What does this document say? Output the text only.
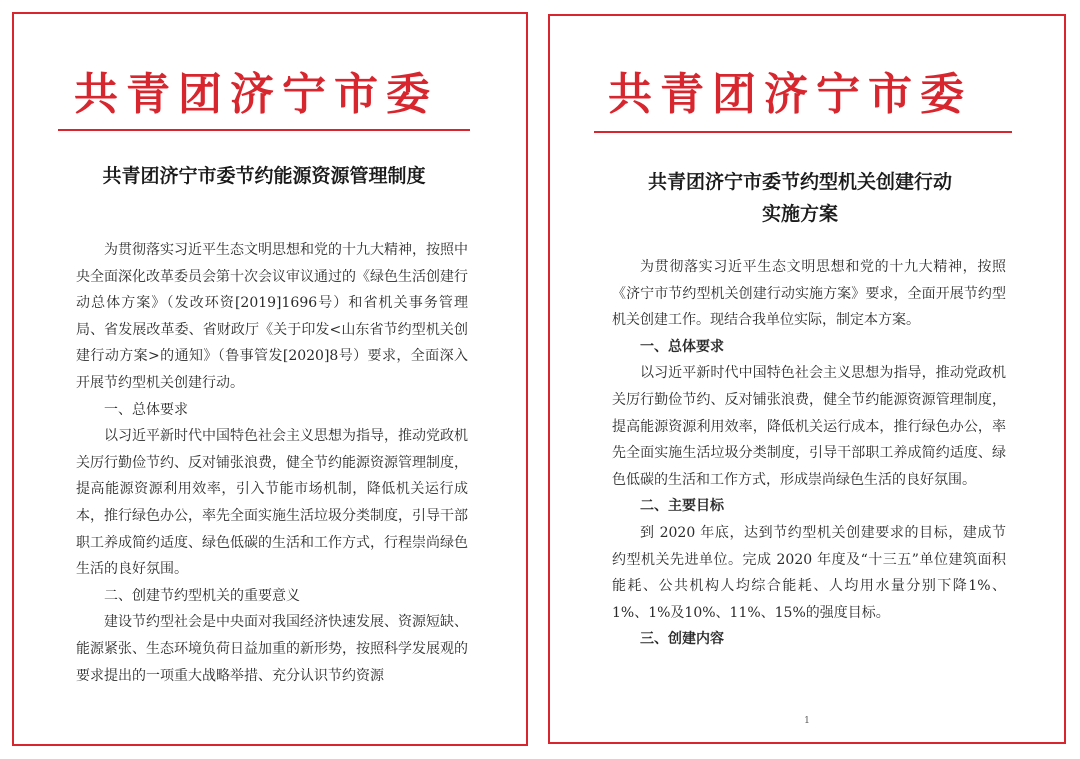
共青团济宁市委
共青团济宁市委节约能源资源管理制度

为贯彻落实习近平生态文明思想和党的十九大精神，按照中央全面深化改革委员会第十次会议审议通过的《绿色生活创建行动总体方案》（发改环资[2019]1696号）和省机关事务管理局、省发展改革委、省财政厅《关于印发<山东省节约型机关创建行动方案>的通知》（鲁事管发[2020]8号）要求，全面深入开展节约型机关创建行动。

一、总体要求

以习近平新时代中国特色社会主义思想为指导，推动党政机关厉行勤俭节约、反对铺张浪费，健全节约能源资源管理制度，提高能源资源利用效率，引入节能市场机制，降低机关运行成本，推行绿色办公，率先全面实施生活垃圾分类制度，引导干部职工养成简约适度、绿色低碳的生活和工作方式，行程崇尚绿色生活的良好氛围。

二、创建节约型机关的重要意义

建设节约型社会是中央面对我国经济快速发展、资源短缺、能源紧张、生态环境负荷日益加重的新形势，按照科学发展观的要求提出的一项重大战略举措、充分认识节约资源

共青团济宁市委
共青团济宁市委节约型机关创建行动
实施方案

为贯彻落实习近平生态文明思想和党的十九大精神，按照《济宁市节约型机关创建行动实施方案》要求，全面开展节约型机关创建工作。现结合我单位实际，制定本方案。

一、总体要求

以习近平新时代中国特色社会主义思想为指导，推动党政机关厉行勤俭节约、反对铺张浪费，健全节约能源资源管理制度，提高能源资源利用效率，降低机关运行成本，推行绿色办公，率先全面实施生活垃圾分类制度，引导干部职工养成简约适度、绿色低碳的生活和工作方式，形成崇尚绿色生活的良好氛围。

二、主要目标

到 2020 年底，达到节约型机关创建要求的目标，建成节约型机关先进单位。完成 2020 年度及“十三五”单位建筑面积能耗、公共机构人均综合能耗、人均用水量分别下降1%、1%、1%及10%、11%、15%的强度目标。

三、创建内容

1
